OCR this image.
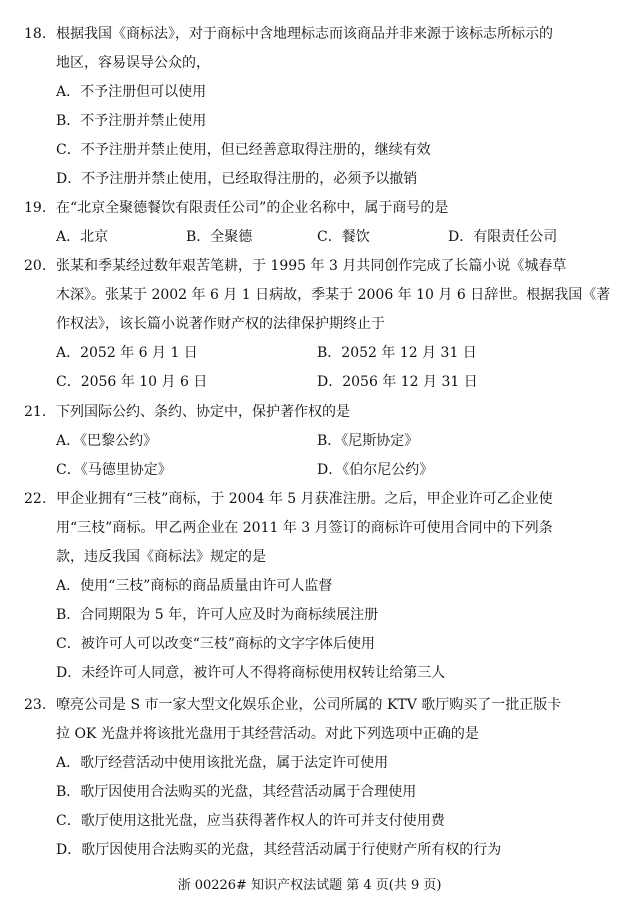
18. 根据我国《商标法》，对于商标中含地理标志而该商品并非来源于该标志所标示的
地区，容易误导公众的，
A．不予注册但可以使用
B．不予注册并禁止使用
C．不予注册并禁止使用，但已经善意取得注册的，继续有效
D．不予注册并禁止使用，已经取得注册的，必须予以撤销
19. 在“北京全聚德餐饮有限责任公司”的企业名称中，属于商号的是
A．北京	B．全聚德	C．餐饮	D．有限责任公司
20. 张某和季某经过数年艰苦笔耕，于 1995 年 3 月共同创作完成了长篇小说《城春草
木深》。张某于 2002 年 6 月 1 日病故，季某于 2006 年 10 月 6 日辞世。根据我国《著
作权法》，该长篇小说著作财产权的法律保护期终止于
A．2052 年 6 月 1 日	B．2052 年 12 月 31 日
C．2056 年 10 月 6 日	D．2056 年 12 月 31 日
21. 下列国际公约、条约、协定中，保护著作权的是
A．《巴黎公约》	B．《尼斯协定》
C．《马德里协定》	D．《伯尔尼公约》
22. 甲企业拥有“三枝”商标，于 2004 年 5 月获准注册。之后，甲企业许可乙企业使
用“三枝”商标。甲乙两企业在 2011 年 3 月签订的商标许可使用合同中的下列条
款，违反我国《商标法》规定的是
A．使用“三枝”商标的商品质量由许可人监督
B．合同期限为 5 年，许可人应及时为商标续展注册
C．被许可人可以改变“三枝”商标的文字字体后使用
D．未经许可人同意，被许可人不得将商标使用权转让给第三人
23. 嘹亮公司是 S 市一家大型文化娱乐企业，公司所属的 KTV 歌厅购买了一批正版卡
拉 OK 光盘并将该批光盘用于其经营活动。对此下列选项中正确的是
A．歌厅经营活动中使用该批光盘，属于法定许可使用
B．歌厅因使用合法购买的光盘，其经营活动属于合理使用
C．歌厅使用这批光盘，应当获得著作权人的许可并支付使用费
D．歌厅因使用合法购买的光盘，其经营活动属于行使财产所有权的行为
浙 00226# 知识产权法试题 第 4 页(共 9 页)
